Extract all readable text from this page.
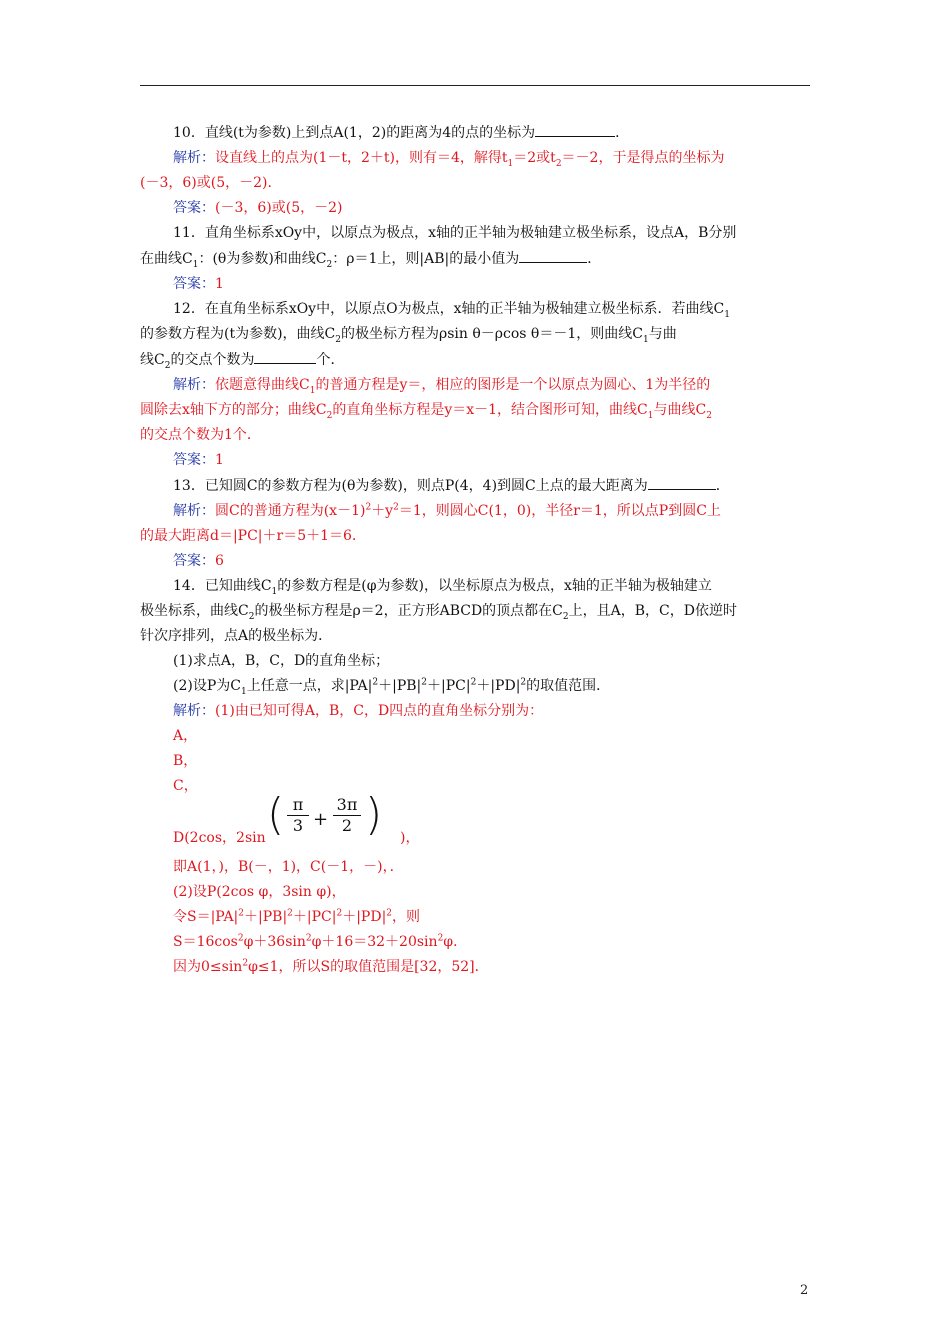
10．直线(t为参数)上到点A(1，2)的距离为4的点的坐标为	．

解析：设直线上的点为(1－t，2＋t)，则有＝4，解得$t_1=2$或$t_2=-2$，于是得点的坐标为

(－3，6)或(5，－2)．

答案：(－3，6)或(5，－2)

11．直角坐标系xOy中，以原点为极点，x轴的正半轴为极轴建立极坐标系，设点A，B分别

在曲线$C_1$：(θ为参数)和曲线$C_2$：ρ＝1上，则|AB|的最小值为	．

答案：1

12．在直角坐标系xOy中，以原点O为极点，x轴的正半轴为极轴建立极坐标系．若曲线$C_1$

的参数方程为(t为参数)，曲线$C_2$的极坐标方程为ρsin θ－ρcos θ＝－1，则曲线$C_1$与曲

线$C_2$的交点个数为	个．

解析：依题意得曲线$C_1$的普通方程是y＝，相应的图形是一个以原点为圆心、1为半径的

圆除去x轴下方的部分；曲线$C_2$的直角坐标方程是y＝x－1，结合图形可知，曲线$C_1$与曲线$C_2$

的交点个数为1个．

答案：1

13．已知圆C的参数方程为(θ为参数)，则点P(4，4)到圆C上点的最大距离为	．

解析：圆C的普通方程为$(x-1)^2+y^2=1$，则圆心C(1，0)，半径r＝1，所以点P到圆C上

的最大距离d＝|PC|＋r＝5＋1＝6．

答案：6

14．已知曲线$C_1$的参数方程是(φ为参数)，以坐标原点为极点，x轴的正半轴为极轴建立

极坐标系，曲线$C_2$的极坐标方程是ρ＝2，正方形ABCD的顶点都在$C_2$上，且A，B，C，D依逆时

针次序排列，点A的极坐标为．

(1)求点A，B，C，D的直角坐标；

(2)设P为$C_1$上任意一点，求$|PA|^2+|PB|^2+|PC|^2+|PD|^2$的取值范围．

解析：(1)由已知可得A，B，C，D四点的直角坐标分别为：

A，

B，

C，

D(2cos，2sin ( π
3 +
3π
2 ) )，

即A(1，)，B(－，1)，C(－1，－)，．

(2)设P(2cos φ，3sin φ)，

令$S=|PA|^2+|PB|^2+|PC|^2+|PD|^2$，则

$S=16\cos^2\varphi+36\sin^2\varphi+16=32+20\sin^2\varphi$．

因为$0\le\sin^2\varphi\le 1$，所以S的取值范围是[32，52]．

2
